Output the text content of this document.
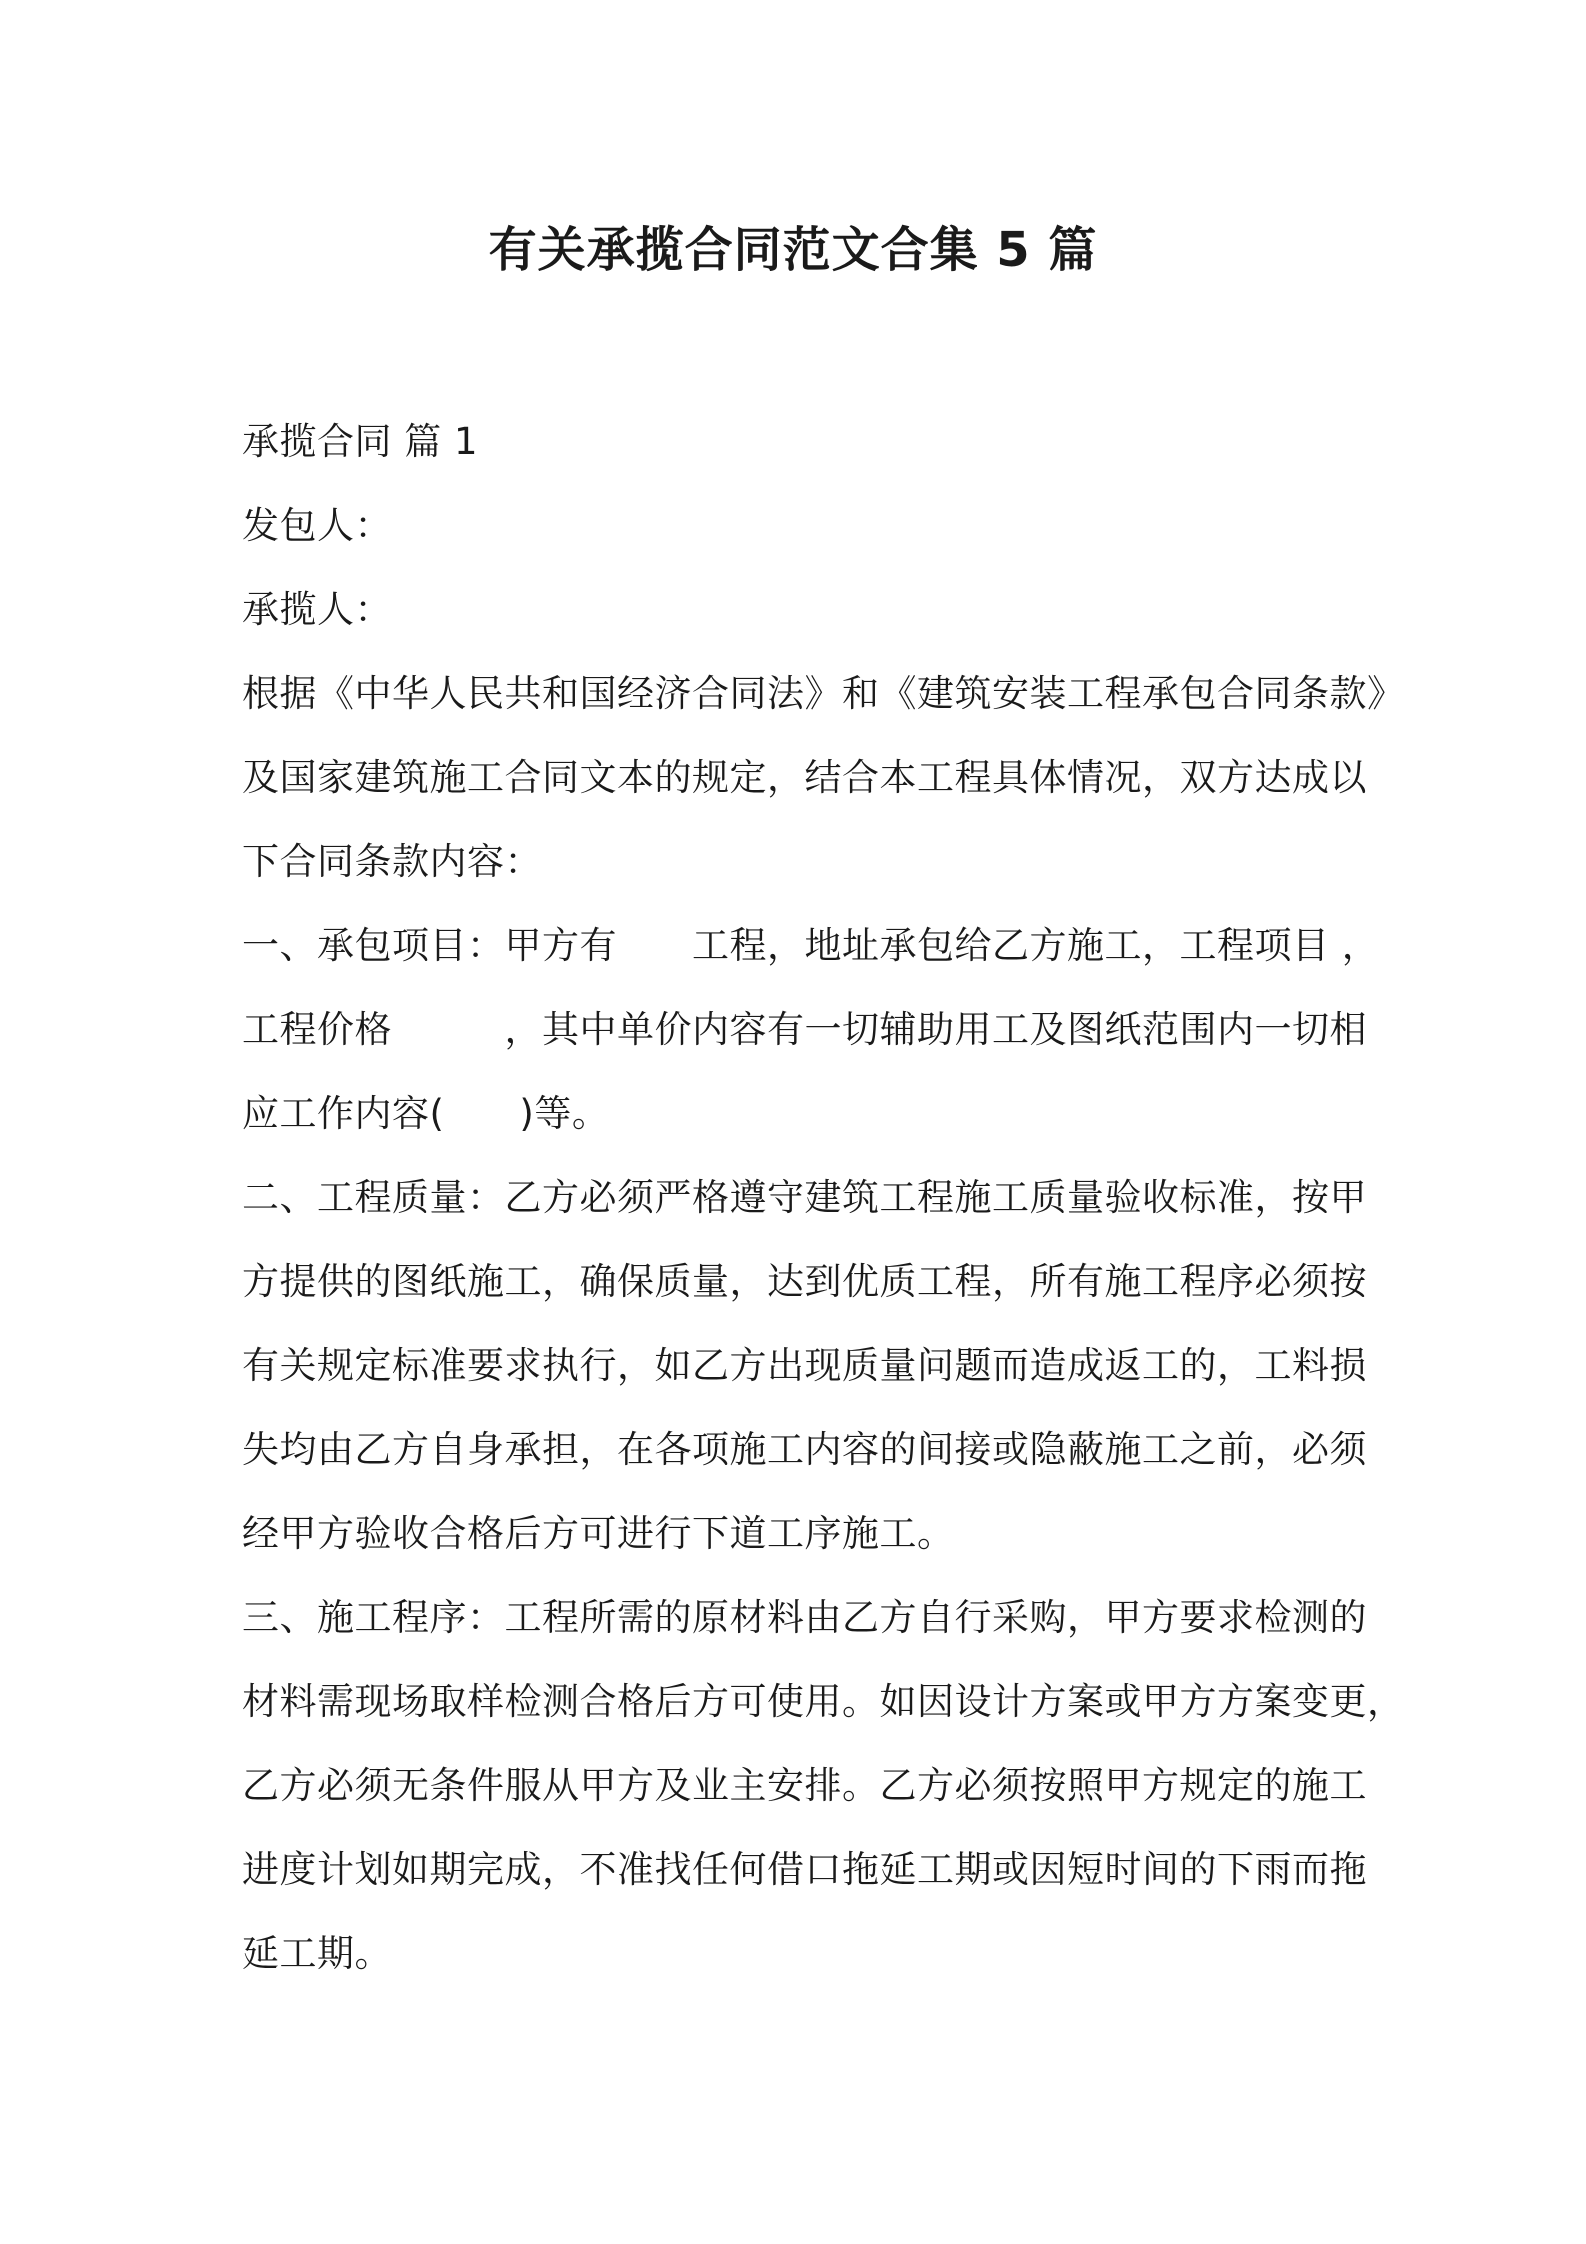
有关承揽合同范文合集 5 篇
承揽合同 篇 1
发包人：
承揽人：
根据《中华人民共和国经济合同法》和《建筑安装工程承包合同条款》
及国家建筑施工合同文本的规定，结合本工程具体情况，双方达成以
下合同条款内容：
一、承包项目：甲方有　　工程，地址承包给乙方施工，工程项目 ，
工程价格　　　，其中单价内容有一切辅助用工及图纸范围内一切相
应工作内容(　　)等。
二、工程质量：乙方必须严格遵守建筑工程施工质量验收标准，按甲
方提供的图纸施工，确保质量，达到优质工程，所有施工程序必须按
有关规定标准要求执行，如乙方出现质量问题而造成返工的，工料损
失均由乙方自身承担，在各项施工内容的间接或隐蔽施工之前，必须
经甲方验收合格后方可进行下道工序施工。
三、施工程序：工程所需的原材料由乙方自行采购，甲方要求检测的
材料需现场取样检测合格后方可使用。如因设计方案或甲方方案变更，
乙方必须无条件服从甲方及业主安排。乙方必须按照甲方规定的施工
进度计划如期完成，不准找任何借口拖延工期或因短时间的下雨而拖
延工期。
